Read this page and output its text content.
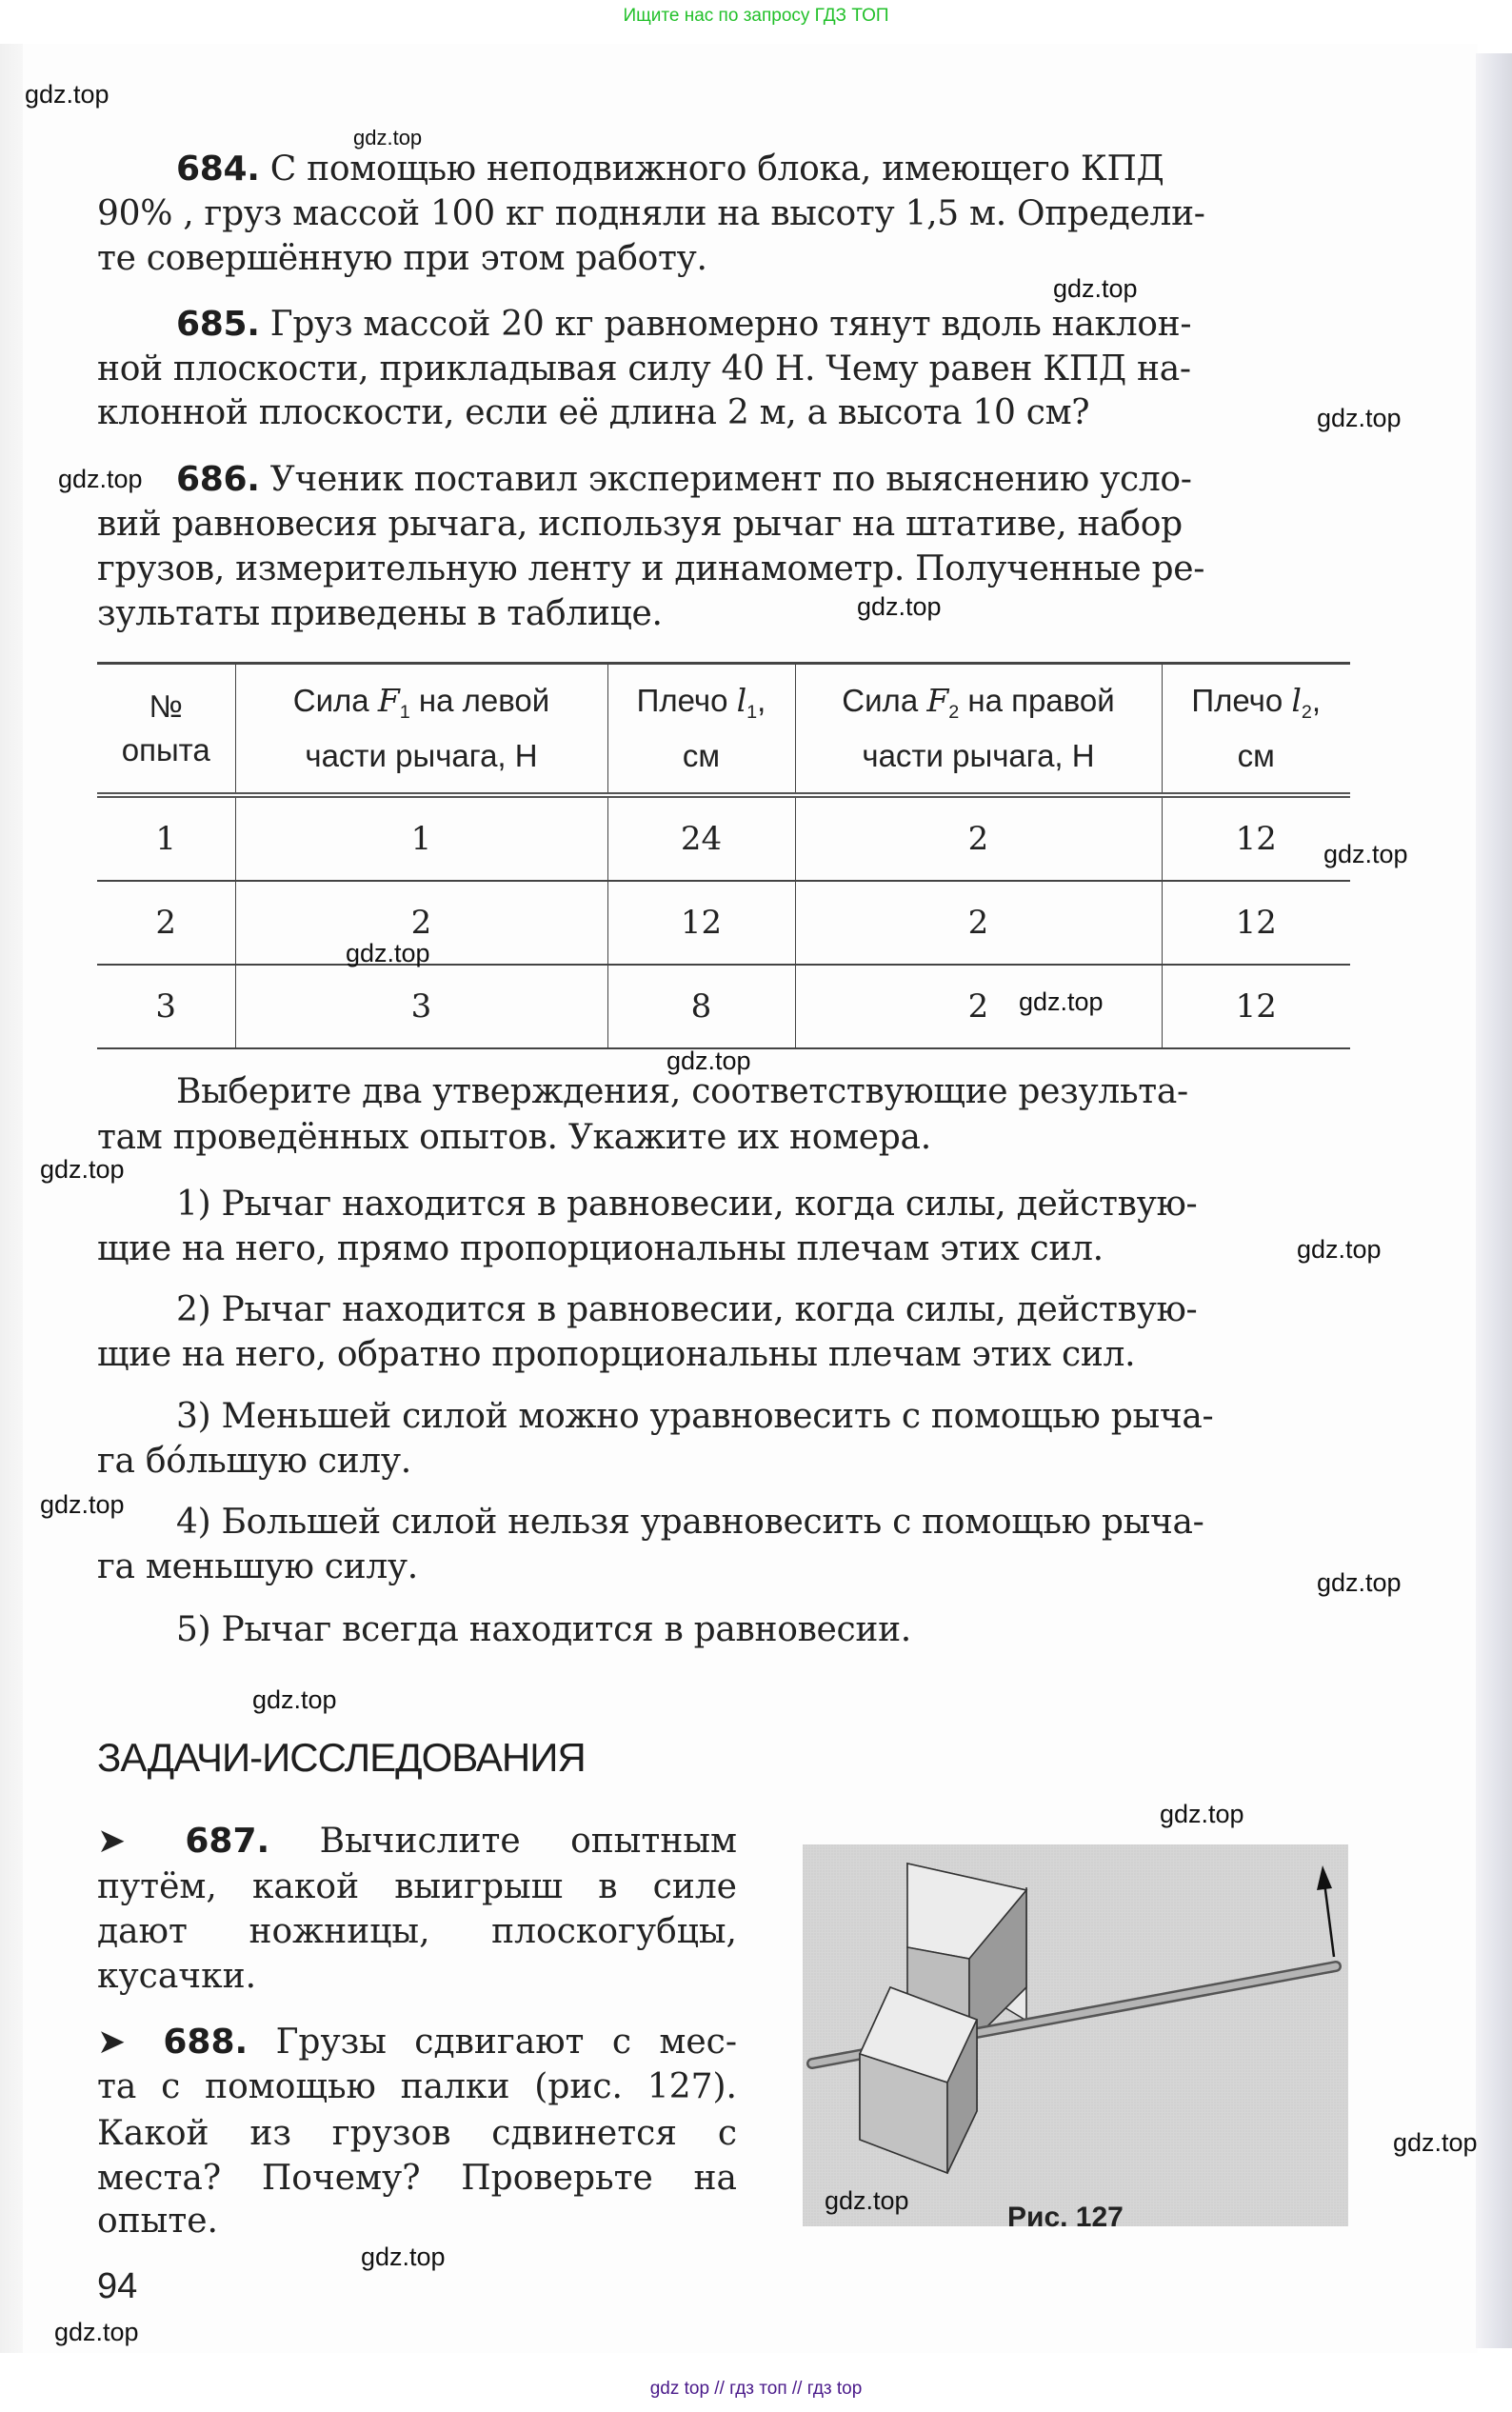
Ищите нас по запросу ГДЗ ТОП
684. С помощью неподвижного блока, имеющего КПД
90% , груз массой 100 кг подняли на высоту 1,5 м. Определи-
те совершённую при этом работу.
685. Груз массой 20 кг равномерно тянут вдоль наклон-
ной плоскости, прикладывая силу 40 Н. Чему равен КПД на-
клонной плоскости, если её длина 2 м, а высота 10 см?
686. Ученик поставил эксперимент по выяснению усло-
вий равновесия рычага, используя рычаг на штативе, набор
грузов, измерительную ленту и динамометр. Полученные ре-
зультаты приведены в таблице.
№
опыта

Сила $F_1$ на левой
части рычага, Н

Плечо $l_1$,
см

Сила $F_2$ на правой
части рычага, Н

Плечо $l_2$,
см

1	1	24	2	12
2	2	12	2	12
3	3	8	2	12
Выберите два утверждения, соответствующие результа-
там проведённых опытов. Укажите их номера.
1) Рычаг находится в равновесии, когда силы, действую-
щие на него, прямо пропорциональны плечам этих сил.
2) Рычаг находится в равновесии, когда силы, действую-
щие на него, обратно пропорциональны плечам этих сил.
3) Меньшей силой можно уравновесить с помощью рыча-
га бóльшую силу.
4) Большей силой нельзя уравновесить с помощью рыча-
га меньшую силу.
5) Рычаг всегда находится в равновесии.
ЗАДАЧИ-ИССЛЕДОВАНИЯ
➤ 687. Вычислите опытным
путём, какой выигрыш в силе
дают ножницы, плоскогубцы,
кусачки.
➤ 688. Грузы сдвигают с мес-
та с помощью палки (рис. 127).
Какой из грузов сдвинется с
места? Почему? Проверьте на
опыте.	Рис. 127
94
gdz.top
gdz.top
gdz.top
gdz.top
gdz.top
gdz.top
gdz.top
gdz.top
gdz.top
gdz.top
gdz.top
gdz.top
gdz.top
gdz.top
gdz.top
gdz.top
gdz.top
gdz.top
gdz.top
gdz.top
gdz top // гдз топ // гдз top
